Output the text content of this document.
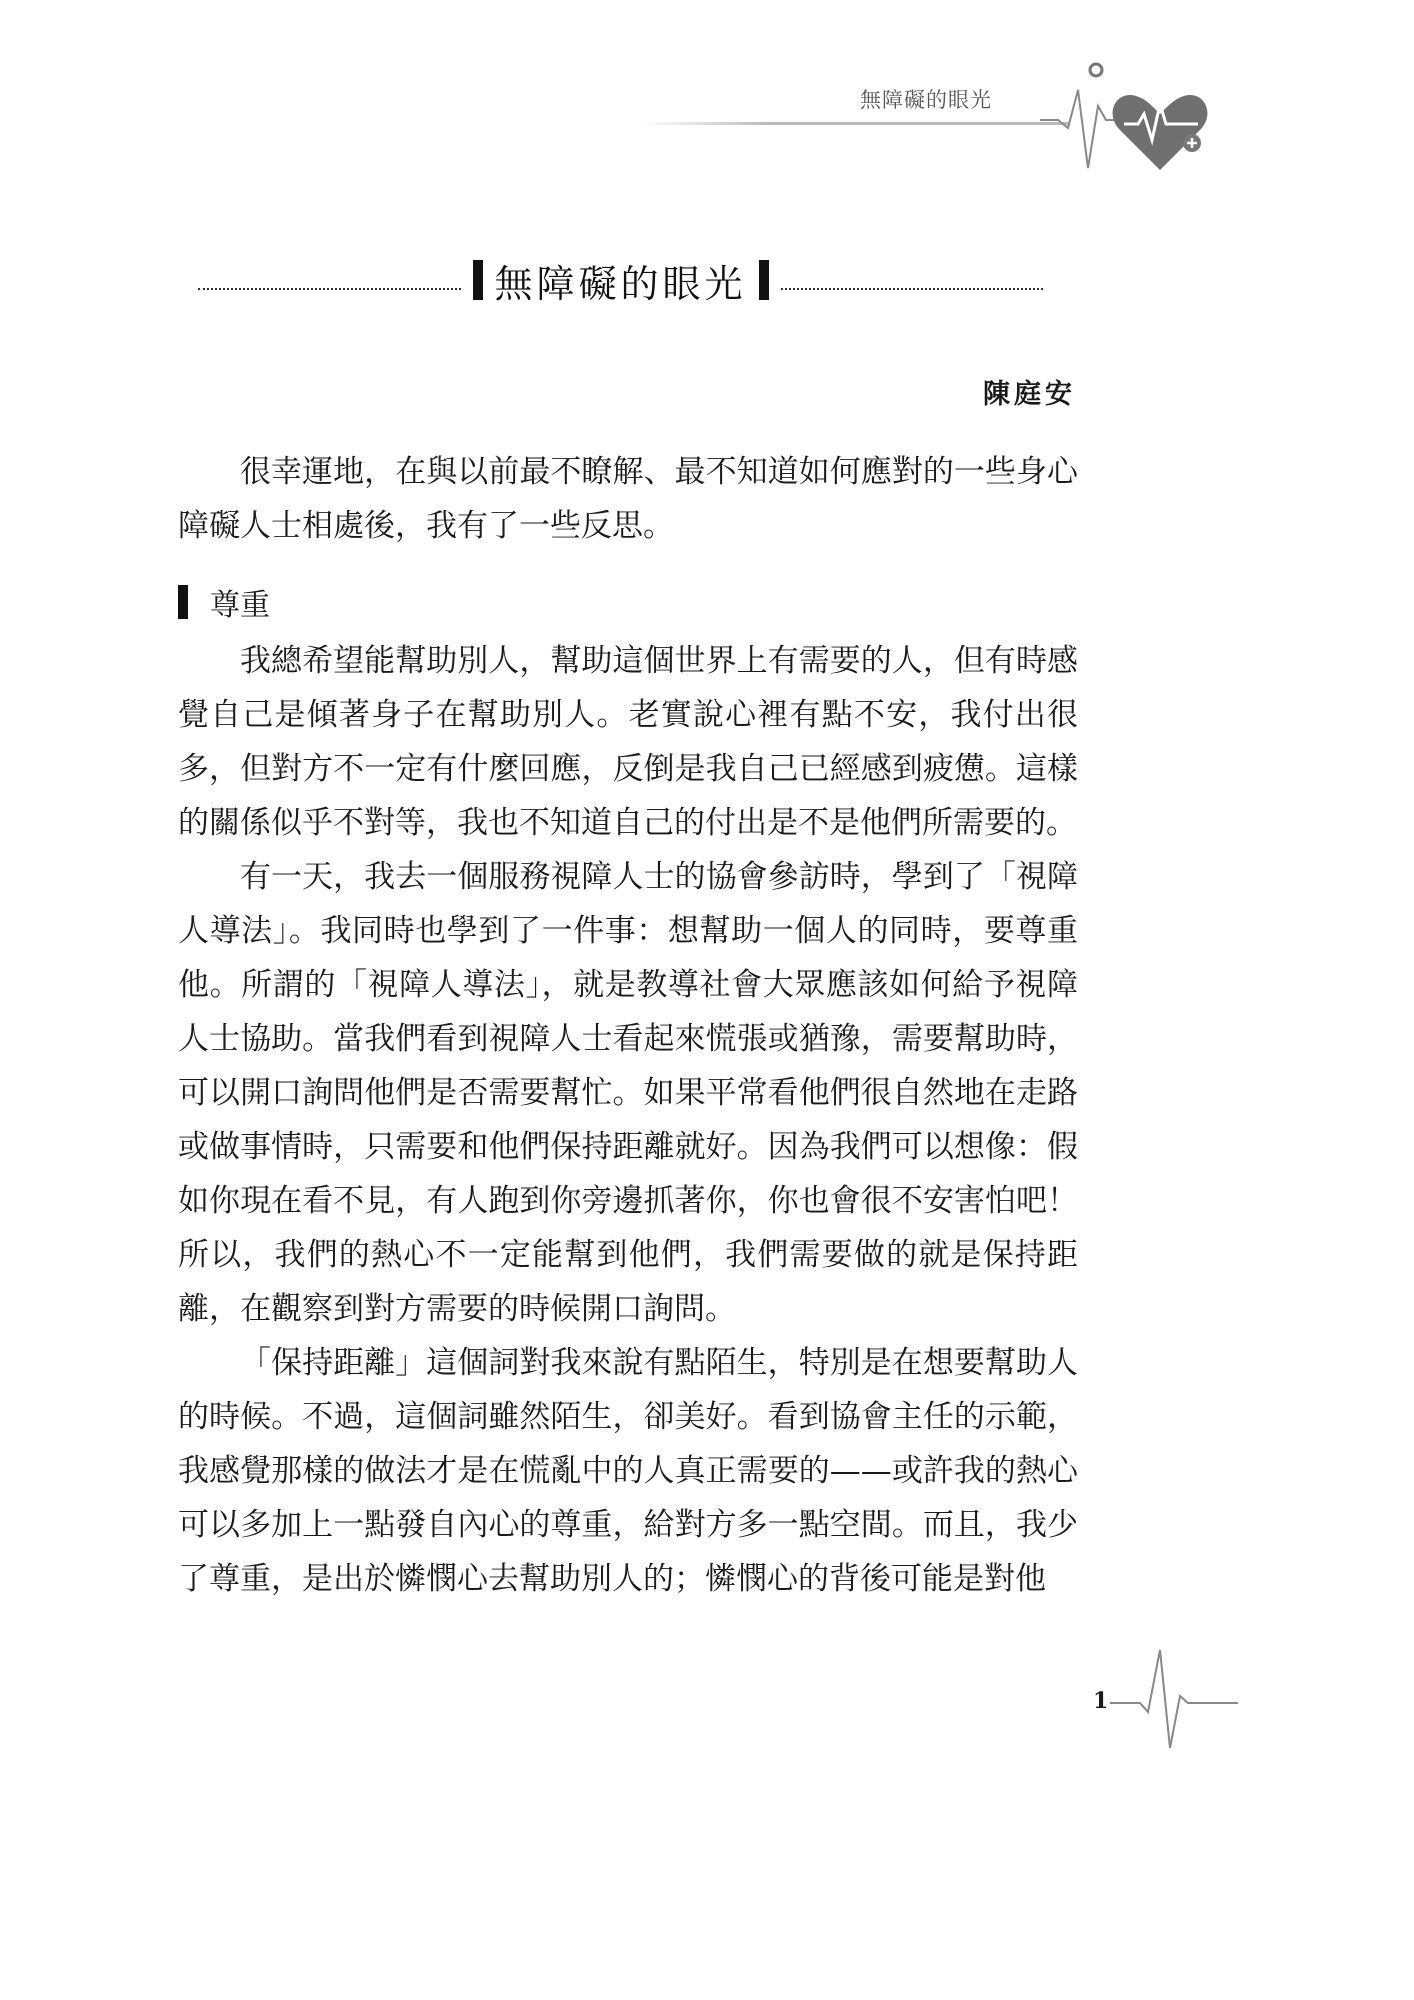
無障礙的眼光
無障礙的眼光
陳庭安

很幸運地，在與以前最不瞭解、最不知道如何應對的一些身心障礙人士相處後，我有了一些反思。

尊重

我總希望能幫助別人，幫助這個世界上有需要的人，但有時感覺自己是傾著身子在幫助別人。老實說心裡有點不安，我付出很多，但對方不一定有什麼回應，反倒是我自己已經感到疲憊。這樣的關係似乎不對等，我也不知道自己的付出是不是他們所需要的。

有一天，我去一個服務視障人士的協會參訪時，學到了「視障人導法」。我同時也學到了一件事：想幫助一個人的同時，要尊重他。所謂的「視障人導法」，就是教導社會大眾應該如何給予視障人士協助。當我們看到視障人士看起來慌張或猶豫，需要幫助時，可以開口詢問他們是否需要幫忙。如果平常看他們很自然地在走路或做事情時，只需要和他們保持距離就好。因為我們可以想像：假如你現在看不見，有人跑到你旁邊抓著你，你也會很不安害怕吧！所以，我們的熱心不一定能幫到他們，我們需要做的就是保持距離，在觀察到對方需要的時候開口詢問。

「保持距離」這個詞對我來說有點陌生，特別是在想要幫助人的時候。不過，這個詞雖然陌生，卻美好。看到協會主任的示範，我感覺那樣的做法才是在慌亂中的人真正需要的——或許我的熱心可以多加上一點發自內心的尊重，給對方多一點空間。而且，我少了尊重，是出於憐憫心去幫助別人的；憐憫心的背後可能是對他

1
